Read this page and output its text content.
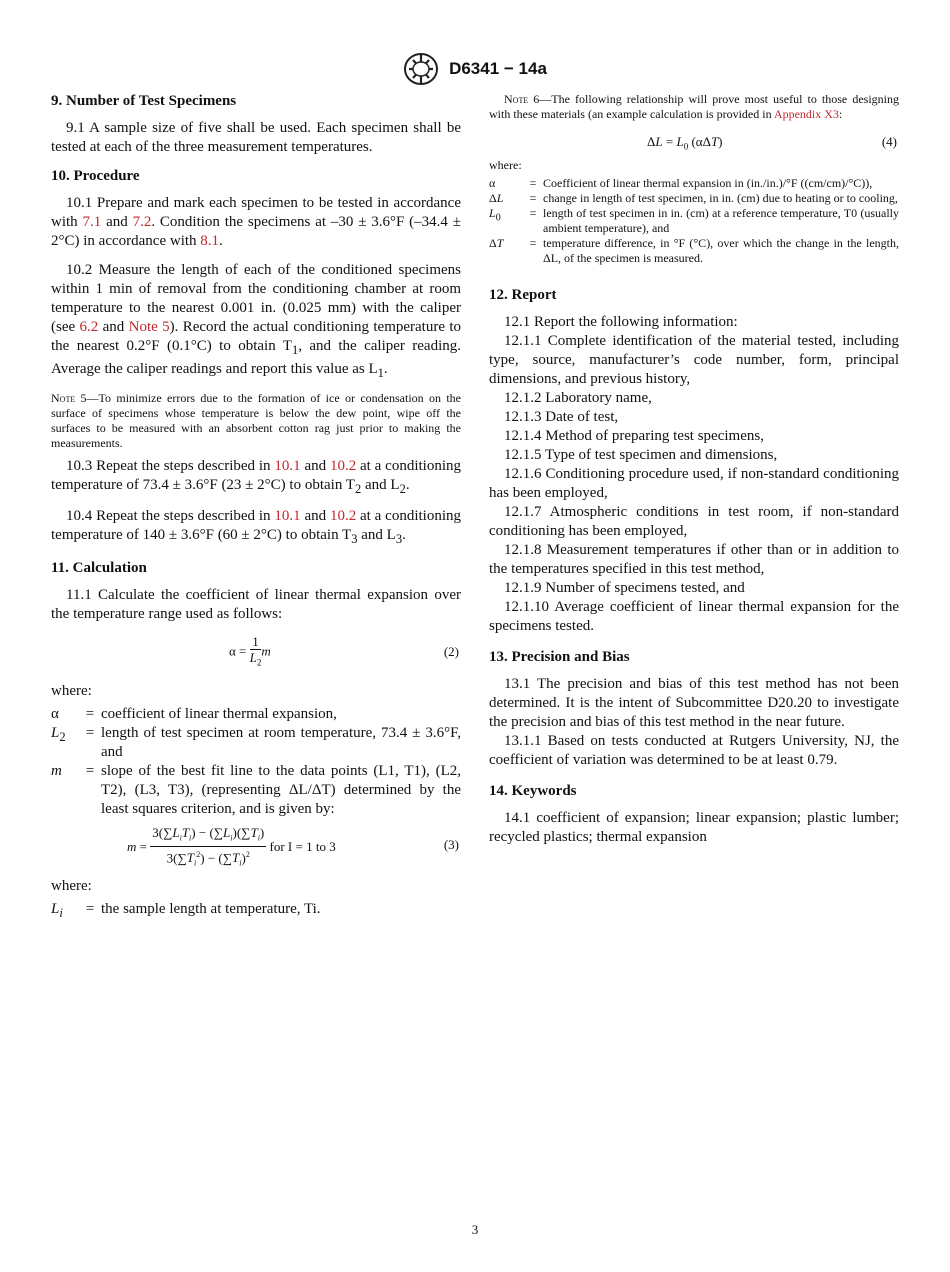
D6341 − 14a
9. Number of Test Specimens

9.1 A sample size of five shall be used. Each specimen shall be tested at each of the three measurement temperatures.

10. Procedure

10.1 Prepare and mark each specimen to be tested in accordance with 7.1 and 7.2. Condition the specimens at –30 ± 3.6°F (–34.4 ± 2°C) in accordance with 8.1.

10.2 Measure the length of each of the conditioned specimens within 1 min of removal from the conditioning chamber at room temperature to the nearest 0.001 in. (0.025 mm) with the caliper (see 6.2 and Note 5). Record the actual conditioning temperature to the nearest 0.2°F (0.1°C) to obtain $T_1$, and the caliper reading. Average the caliper readings and report this value as $L_1$.

Note 5—To minimize errors due to the formation of ice or condensation on the surface of specimens whose temperature is below the dew point, wipe off the surfaces to be measured with an absorbent cotton rag just prior to making the measurements.

10.3 Repeat the steps described in 10.1 and 10.2 at a conditioning temperature of 73.4 ± 3.6°F (23 ± 2°C) to obtain $T_2$ and $L_2$.

10.4 Repeat the steps described in 10.1 and 10.2 at a conditioning temperature of 140 ± 3.6°F (60 ± 2°C) to obtain $T_3$ and $L_3$.

11. Calculation

11.1 Calculate the coefficient of linear thermal expansion over the temperature range used as follows:

$\alpha = \frac{1}{L_2}$ m	(2)

where:

α	=	coefficient of linear thermal expansion,
$L_2$	=	length of test specimen at room temperature, 73.4 ± 3.6°F, and
m	=	slope of the best fit line to the data points (L1, T1), (L2, T2), (L3, T3), (representing ΔL/ΔT) determined by the least squares criterion, and is given by:
$m = \frac{3(\sum L_iT_i) - (\sum L_i)(\sum T_i)}{3(\sum T_i^2) - (\sum T_i)^2}$ for I = 1 to 3	(3)

where:

$L_i$	=	the sample length at temperature, Ti.

Note 6—The following relationship will prove most useful to those designing with these materials (an example calculation is provided in Appendix X3:

$\Delta L = L_0$ (αΔT)	(4)

where:

α	=	Coefficient of linear thermal expansion in (in./in.)/°F ((cm/cm)/°C)),
ΔL	=	change in length of test specimen, in in. (cm) due to heating or to cooling,
$L_0$	=	length of test specimen in in. (cm) at a reference temperature, T0 (usually ambient temperature), and
ΔT	=	temperature difference, in °F (°C), over which the change in the length, ΔL, of the specimen is measured.
12. Report

12.1 Report the following information:

12.1.1 Complete identification of the material tested, including type, source, manufacturer’s code number, form, principal dimensions, and previous history,

12.1.2 Laboratory name,

12.1.3 Date of test,

12.1.4 Method of preparing test specimens,

12.1.5 Type of test specimen and dimensions,

12.1.6 Conditioning procedure used, if non-standard conditioning has been employed,

12.1.7 Atmospheric conditions in test room, if non-standard conditioning has been employed,

12.1.8 Measurement temperatures if other than or in addition to the temperatures specified in this test method,

12.1.9 Number of specimens tested, and

12.1.10 Average coefficient of linear thermal expansion for the specimens tested.

13. Precision and Bias

13.1 The precision and bias of this test method has not been determined. It is the intent of Subcommittee D20.20 to investigate the precision and bias of this test method in the near future.

13.1.1 Based on tests conducted at Rutgers University, NJ, the coefficient of variation was determined to be at least 0.79.

14. Keywords

14.1 coefficient of expansion; linear expansion; plastic lumber; recycled plastics; thermal expansion

3
